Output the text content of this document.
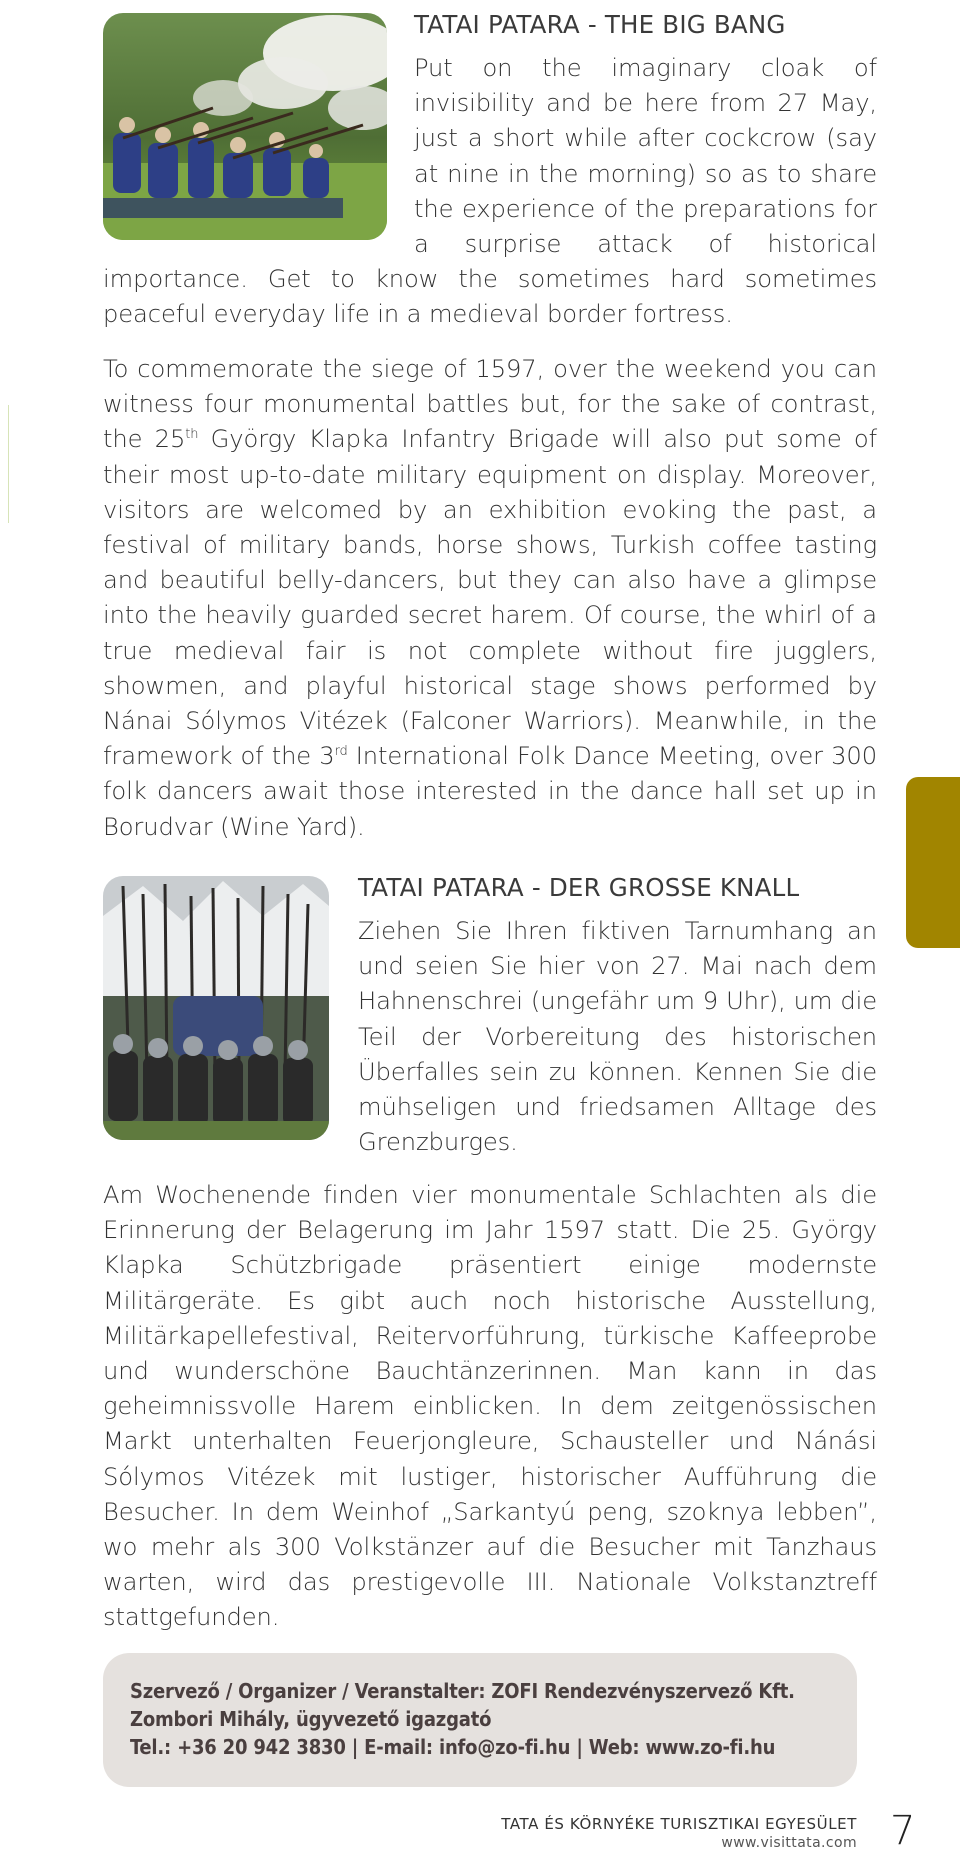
TATAI PATARA - THE BIG BANG

Put on the imaginary cloak of invisibility and be here from 27 May, just a short while after cockcrow (say at nine in the morning) so as to share the experience of the preparations for a surprise attack of historical importance. Get to know the sometimes hard sometimes peaceful everyday life in a medieval border fortress.

To commemorate the siege of 1597, over the weekend you can witness four monumental battles but, for the sake of contrast, the 25th György Klapka Infantry Brigade will also put some of their most up-to-date military equipment on display. Moreover, visitors are welcomed by an exhibition evoking the past, a festival of military bands, horse shows, Turkish coffee tasting and beautiful belly-dancers, but they can also have a glimpse into the heavily guarded secret harem. Of course, the whirl of a true medieval fair is not complete without fire jugglers, showmen, and playful historical stage shows performed by Nánai Sólymos Vitézek (Falconer Warriors). Meanwhile, in the framework of the 3rd International Folk Dance Meeting, over 300 folk dancers await those interested in the dance hall set up in Borudvar (Wine Yard).

TATAI PATARA - DER GROSSE KNALL

Ziehen Sie Ihren fiktiven Tarnumhang an und seien Sie hier von 27. Mai nach dem Hahnenschrei (ungefähr um 9 Uhr), um die Teil der Vorbereitung des historischen Überfalles sein zu können. Kennen Sie die mühseligen und friedsamen Alltage des Grenzburges.

Am Wochenende finden vier monumentale Schlachten als die Erinnerung der Belagerung im Jahr 1597 statt. Die 25. György Klapka Schützbrigade präsentiert einige modernste Militärgeräte. Es gibt auch noch historische Ausstellung, Militärkapellefestival, Reitervorführung, türkische Kaffeeprobe und wunderschöne Bauchtänzerinnen. Man kann in das geheimnissvolle Harem einblicken. In dem zeitgenössischen Markt unterhalten Feuerjongleure, Schausteller und Nánási Sólymos Vitézek mit lustiger, historischer Aufführung die Besucher. In dem Weinhof „Sarkantyú peng, szoknya lebben”, wo mehr als 300 Volkstänzer auf die Besucher mit Tanzhaus warten, wird das prestigevolle III. Nationale Volkstanztreff stattgefunden.

Szervező / Organizer / Veranstalter: ZOFI Rendezvényszervező Kft.
Zombori Mihály, ügyvezető igazgató
Tel.: +36 20 942 3830 | E-mail: info@zo-fi.hu | Web: www.zo-fi.hu
TATA ÉS KÖRNYÉKE TURISZTIKAI EGYESÜLET
www.visittata.com 7
